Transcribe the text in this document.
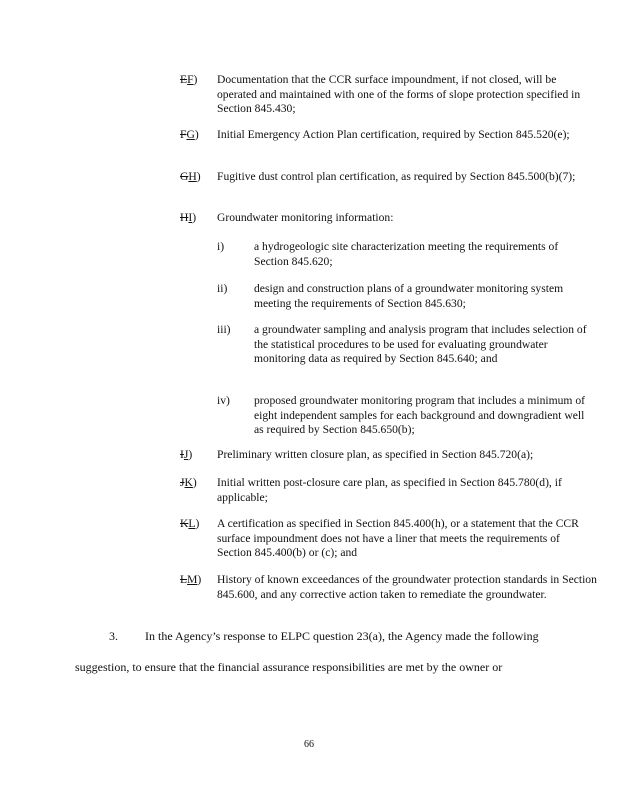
EF) Documentation that the CCR surface impoundment, if not closed, will be operated and maintained with one of the forms of slope protection specified in Section 845.430;
FG) Initial Emergency Action Plan certification, required by Section 845.520(e);
GH) Fugitive dust control plan certification, as required by Section 845.500(b)(7);
HI) Groundwater monitoring information:
i)	a hydrogeologic site characterization meeting the requirements of Section 845.620;
ii) design and construction plans of a groundwater monitoring system meeting the requirements of Section 845.630;
iii) a groundwater sampling and analysis program that includes selection of the statistical procedures to be used for evaluating groundwater monitoring data as required by Section 845.640; and
iv) proposed groundwater monitoring program that includes a minimum of eight independent samples for each background and downgradient well as required by Section 845.650(b);
IJ) Preliminary written closure plan, as specified in Section 845.720(a);
JK) Initial written post-closure care plan, as specified in Section 845.780(d), if applicable;
KL) A certification as specified in Section 845.400(h), or a statement that the CCR surface impoundment does not have a liner that meets the requirements of Section 845.400(b) or (c); and
LM) History of known exceedances of the groundwater protection standards in Section 845.600, and any corrective action taken to remediate the groundwater.
3. In the Agency’s response to ELPC question 23(a), the Agency made the following
suggestion, to ensure that the financial assurance responsibilities are met by the owner or
66
